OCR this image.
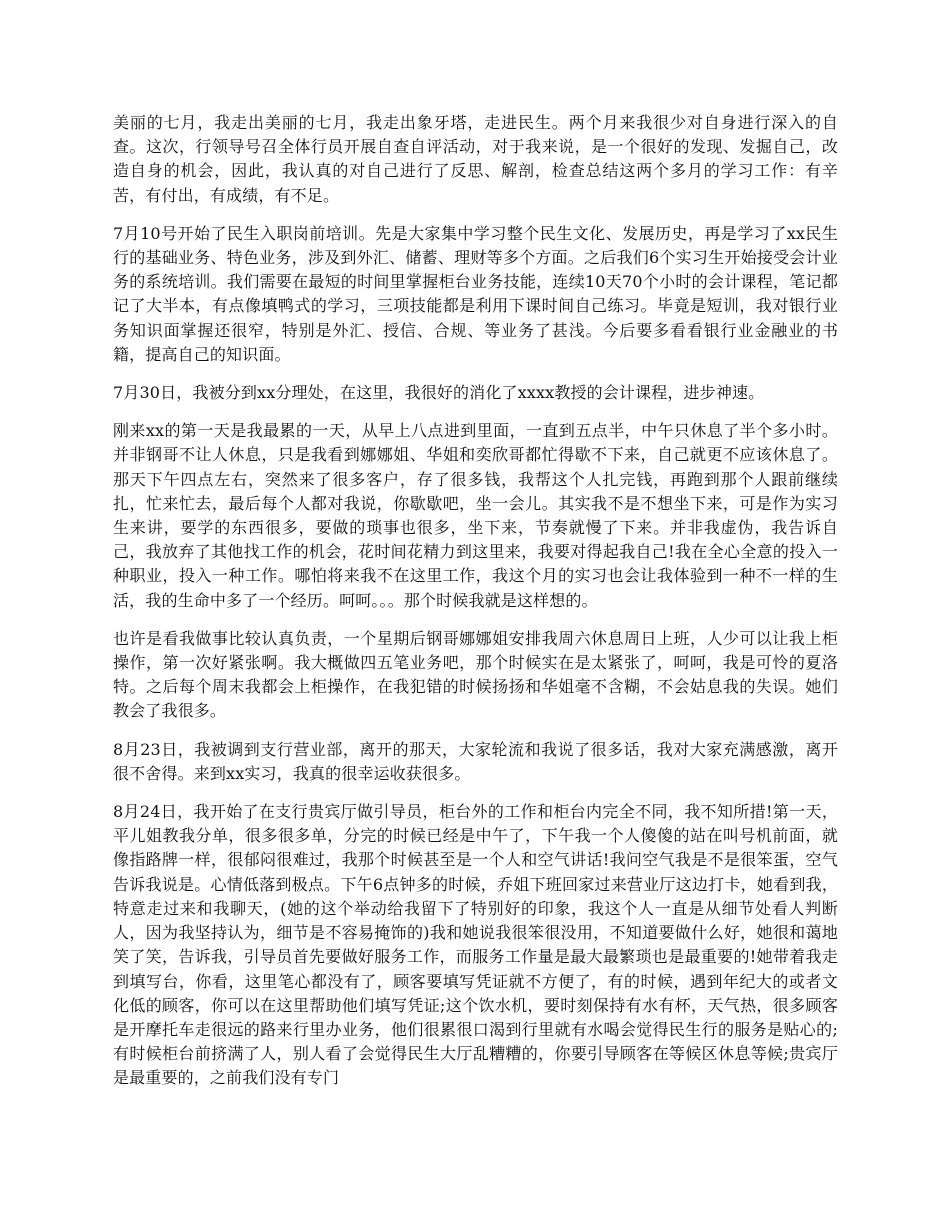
美丽的七月，我走出美丽的七月，我走出象牙塔，走进民生。两个月来我很少对自身进行深入的自查。这次，行领导号召全体行员开展自查自评活动，对于我来说，是一个很好的发现、发掘自己，改造自身的机会，因此，我认真的对自己进行了反思、解剖，检查总结这两个多月的学习工作：有辛苦，有付出，有成绩，有不足。

7月10号开始了民生入职岗前培训。先是大家集中学习整个民生文化、发展历史，再是学习了xx民生行的基础业务、特色业务，涉及到外汇、储蓄、理财等多个方面。之后我们6个实习生开始接受会计业务的系统培训。我们需要在最短的时间里掌握柜台业务技能，连续10天70个小时的会计课程，笔记都记了大半本，有点像填鸭式的学习，三项技能都是利用下课时间自己练习。毕竟是短训，我对银行业务知识面掌握还很窄，特别是外汇、授信、合规、等业务了甚浅。今后要多看看银行业金融业的书籍，提高自己的知识面。

7月30日，我被分到xx分理处，在这里，我很好的消化了xxxx教授的会计课程，进步神速。

刚来xx的第一天是我最累的一天，从早上八点进到里面，一直到五点半，中午只休息了半个多小时。并非钢哥不让人休息，只是我看到娜娜姐、华姐和奕欣哥都忙得歇不下来，自己就更不应该休息了。那天下午四点左右，突然来了很多客户，存了很多钱，我帮这个人扎完钱，再跑到那个人跟前继续扎，忙来忙去，最后每个人都对我说，你歇歇吧，坐一会儿。其实我不是不想坐下来，可是作为实习生来讲，要学的东西很多，要做的琐事也很多，坐下来，节奏就慢了下来。并非我虚伪，我告诉自己，我放弃了其他找工作的机会，花时间花精力到这里来，我要对得起我自己!我在全心全意的投入一种职业，投入一种工作。哪怕将来我不在这里工作，我这个月的实习也会让我体验到一种不一样的生活，我的生命中多了一个经历。呵呵。。。那个时候我就是这样想的。

也许是看我做事比较认真负责，一个星期后钢哥娜娜姐安排我周六休息周日上班，人少可以让我上柜操作，第一次好紧张啊。我大概做四五笔业务吧，那个时候实在是太紧张了，呵呵，我是可怜的夏洛特。之后每个周末我都会上柜操作，在我犯错的时候扬扬和华姐毫不含糊，不会姑息我的失误。她们教会了我很多。

8月23日，我被调到支行营业部，离开的那天，大家轮流和我说了很多话，我对大家充满感激，离开很不舍得。来到xx实习，我真的很幸运收获很多。

8月24日，我开始了在支行贵宾厅做引导员，柜台外的工作和柜台内完全不同，我不知所措!第一天，平儿姐教我分单，很多很多单，分完的时候已经是中午了，下午我一个人傻傻的站在叫号机前面，就像指路牌一样，很郁闷很难过，我那个时候甚至是一个人和空气讲话!我问空气我是不是很笨蛋，空气告诉我说是。心情低落到极点。下午6点钟多的时候，乔姐下班回家过来营业厅这边打卡，她看到我，特意走过来和我聊天，(她的这个举动给我留下了特别好的印象，我这个人一直是从细节处看人判断人，因为我坚持认为，细节是不容易掩饰的)我和她说我很笨很没用，不知道要做什么好，她很和蔼地笑了笑，告诉我，引导员首先要做好服务工作，而服务工作量是最大最繁琐也是最重要的!她带着我走到填写台，你看，这里笔心都没有了，顾客要填写凭证就不方便了，有的时候，遇到年纪大的或者文化低的顾客，你可以在这里帮助他们填写凭证;这个饮水机，要时刻保持有水有杯，天气热，很多顾客是开摩托车走很远的路来行里办业务，他们很累很口渴到行里就有水喝会觉得民生行的服务是贴心的;有时候柜台前挤满了人，别人看了会觉得民生大厅乱糟糟的，你要引导顾客在等候区休息等候;贵宾厅是最重要的，之前我们没有专门
